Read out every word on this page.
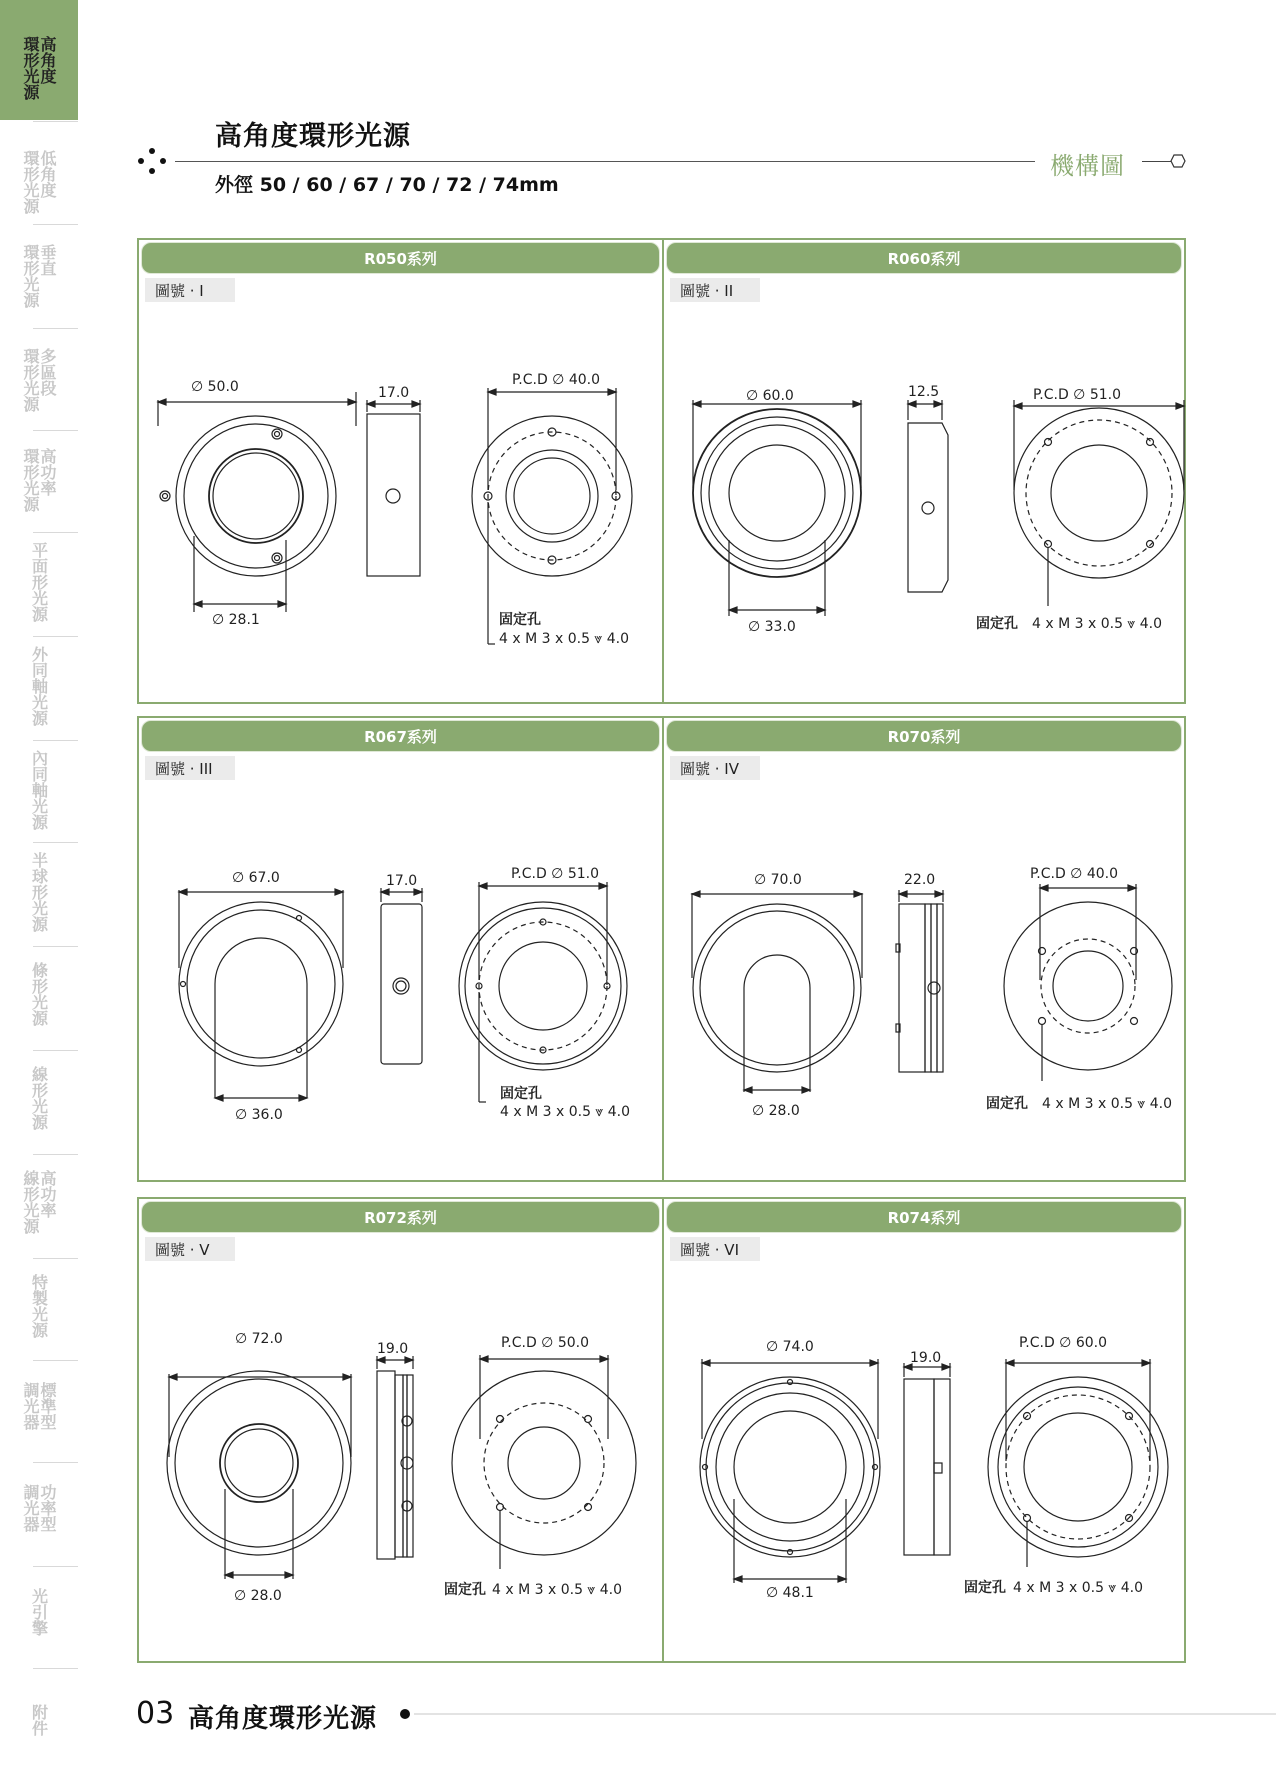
環形光源
高角度
環形光源
低角度
環形光源
垂直
環形光源
多區段
環形光源
高功率
平面形光源
外同軸光源
內同軸光源
半球形光源
條形光源
線形光源
線形光源
高功率
特製光源
調光器
標準型
調光器
功率型
光引擎
附件
高角度環形光源
外徑 50 / 60 / 67 / 70 / 72 / 74mm
機構圖
R050系列
圖號 · I
∅ 50.0
∅ 28.1
17.0
P.C.D ∅ 40.0
固定孔
4 x M 3 x 0.5 ⩔ 4.0
R060系列
圖號 · II
∅ 60.0
∅ 33.0
12.5	P.C.D ∅ 51.0
固定孔 4 x M 3 x 0.5 ⩔ 4.0
R067系列
圖號 · III
∅ 67.0
∅ 36.0
17.0	P.C.D ∅ 51.0
固定孔
4 x M 3 x 0.5 ⩔ 4.0
R070系列
圖號 · IV
∅ 70.0
∅ 28.0
22.0	P.C.D ∅ 40.0
固定孔 4 x M 3 x 0.5 ⩔ 4.0
R072系列
圖號 · V
∅ 72.0
∅ 28.0
19.0	P.C.D ∅ 50.0
固定孔 4 x M 3 x 0.5 ⩔ 4.0
R074系列
圖號 · VI
∅ 74.0
∅ 48.1
19.0
P.C.D ∅ 60.0
固定孔 4 x M 3 x 0.5 ⩔ 4.0
03 高角度環形光源
